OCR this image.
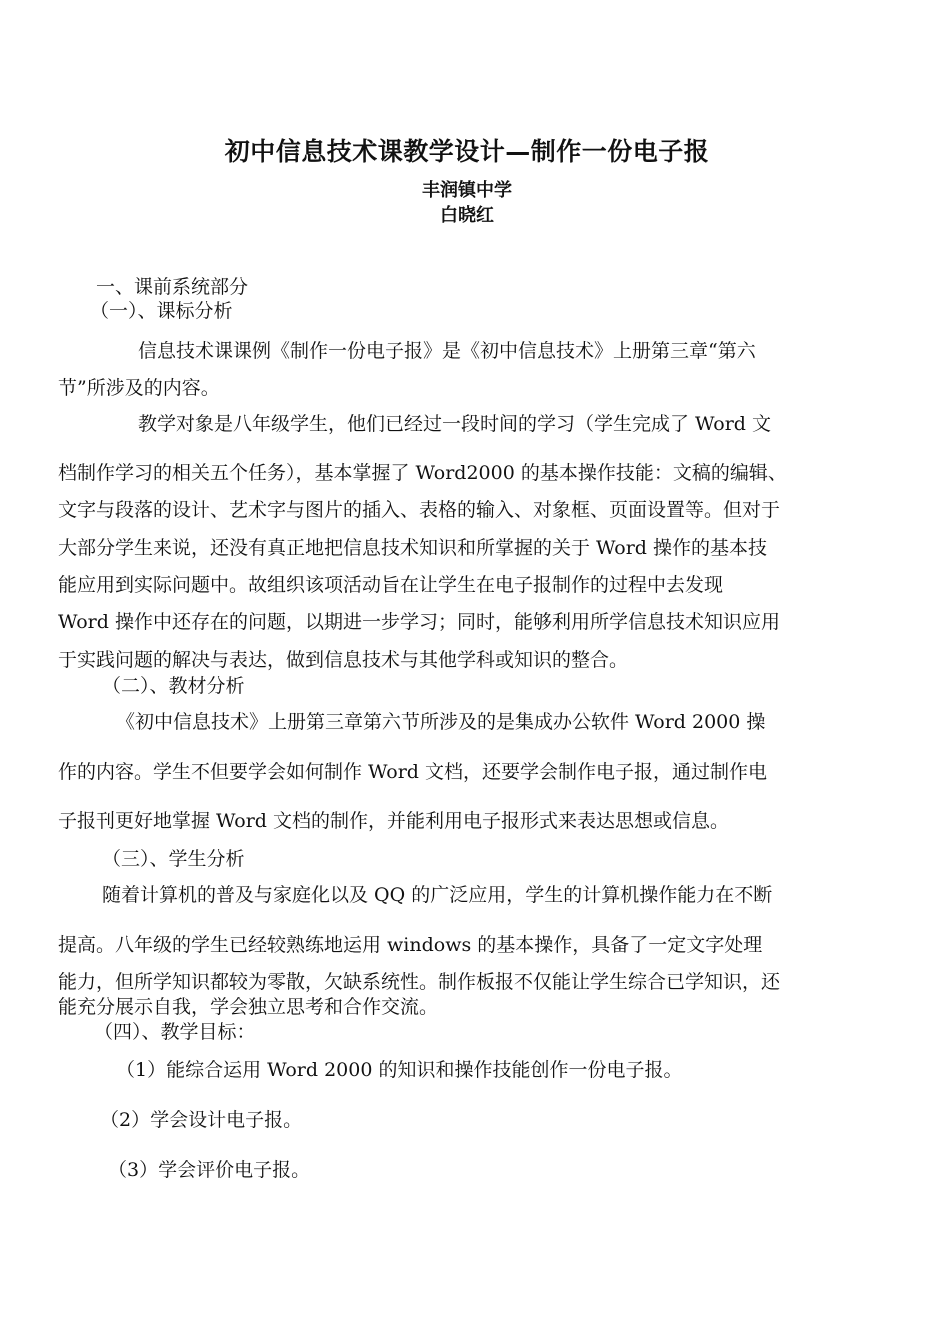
初中信息技术课教学设计—制作一份电子报
丰润镇中学
白晓红
一、课前系统部分
（一）、课标分析
信息技术课课例《制作一份电子报》是《初中信息技术》上册第三章“第六
节”所涉及的内容。
教学对象是八年级学生，他们已经过一段时间的学习（学生完成了 Word 文
档制作学习的相关五个任务），基本掌握了 Word2000 的基本操作技能：文稿的编辑、
文字与段落的设计、艺术字与图片的插入、表格的输入、对象框、页面设置等。但对于
大部分学生来说，还没有真正地把信息技术知识和所掌握的关于 Word 操作的基本技
能应用到实际问题中。故组织该项活动旨在让学生在电子报制作的过程中去发现
Word 操作中还存在的问题，以期进一步学习；同时，能够利用所学信息技术知识应用
于实践问题的解决与表达，做到信息技术与其他学科或知识的整合。
（二）、教材分析
《初中信息技术》上册第三章第六节所涉及的是集成办公软件 Word 2000 操
作的内容。学生不但要学会如何制作 Word 文档，还要学会制作电子报，通过制作电
子报刊更好地掌握 Word 文档的制作，并能利用电子报形式来表达思想或信息。
（三）、学生分析
随着计算机的普及与家庭化以及 QQ 的广泛应用，学生的计算机操作能力在不断
提高。八年级的学生已经较熟练地运用 windows 的基本操作，具备了一定文字处理
能力，但所学知识都较为零散，欠缺系统性。制作板报不仅能让学生综合已学知识，还
能充分展示自我，学会独立思考和合作交流。
（四）、教学目标：
（1）能综合运用 Word 2000 的知识和操作技能创作一份电子报。
（2）学会设计电子报。
（3）学会评价电子报。
